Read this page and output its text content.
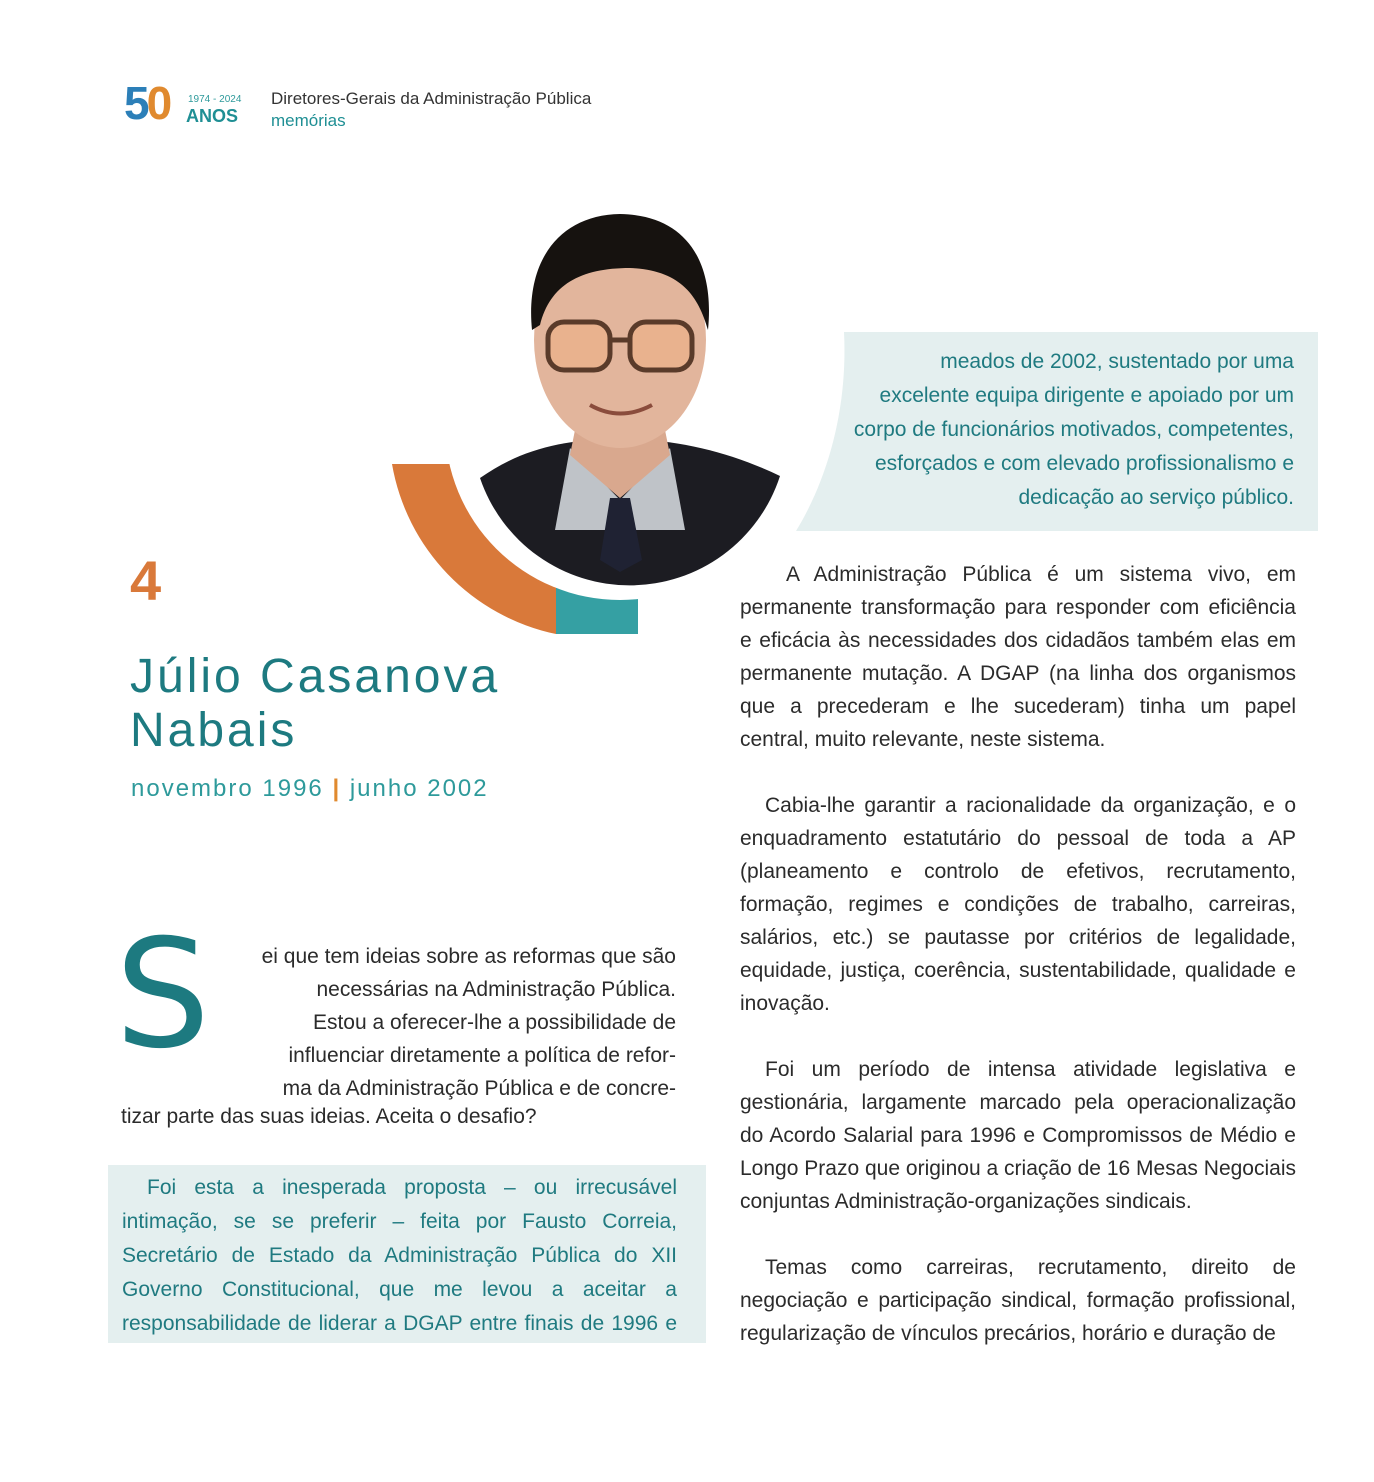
50 1974 - 2024
ANOS
Diretores-Gerais da Administração Pública
memórias
meados de 2002, sustentado por uma excelente equipa dirigente e apoiado por um corpo de funcionários motivados, competentes, esforçados e com elevado profissionalismo e dedicação ao serviço público.
4
Júlio Casanova
Nabais
novembro 1996 | junho 2002
S	ei que tem ideias sobre as reformas que são
necessárias na Administração Pública.
Estou a oferecer-lhe a possibilidade de
influenciar diretamente a política de refor-
ma da Administração Pública e de concre-
tizar parte das suas ideias. Aceita o desafio?
Foi esta a inesperada proposta – ou irrecusável intimação, se se preferir – feita por Fausto Correia, Secretário de Estado da Administração Pública do XII Governo Constitucional, que me levou a aceitar a responsabilidade de liderar a DGAP entre finais de 1996 e

A Administração Pública é um sistema vivo, em permanente transformação para responder com eficiência e eficácia às necessidades dos cidadãos também elas em permanente mutação. A DGAP (na linha dos organismos que a precederam e lhe sucederam) tinha um papel central, muito relevante, neste sistema.

Cabia-lhe garantir a racionalidade da organização, e o enquadramento estatutário do pessoal de toda a AP (planeamento e controlo de efetivos, recrutamento, formação, regimes e condições de trabalho, carreiras, salários, etc.) se pautasse por critérios de legalidade, equidade, justiça, coerência, sustentabilidade, qualidade e inovação.

Foi um período de intensa atividade legislativa e gestionária, largamente marcado pela operacionalização do Acordo Salarial para 1996 e Compromissos de Médio e Longo Prazo que originou a criação de 16 Mesas Negociais conjuntas Administração-organizações sindicais.

Temas como carreiras, recrutamento, direito de negociação e participação sindical, formação profissional, regularização de vínculos precários, horário e duração de
